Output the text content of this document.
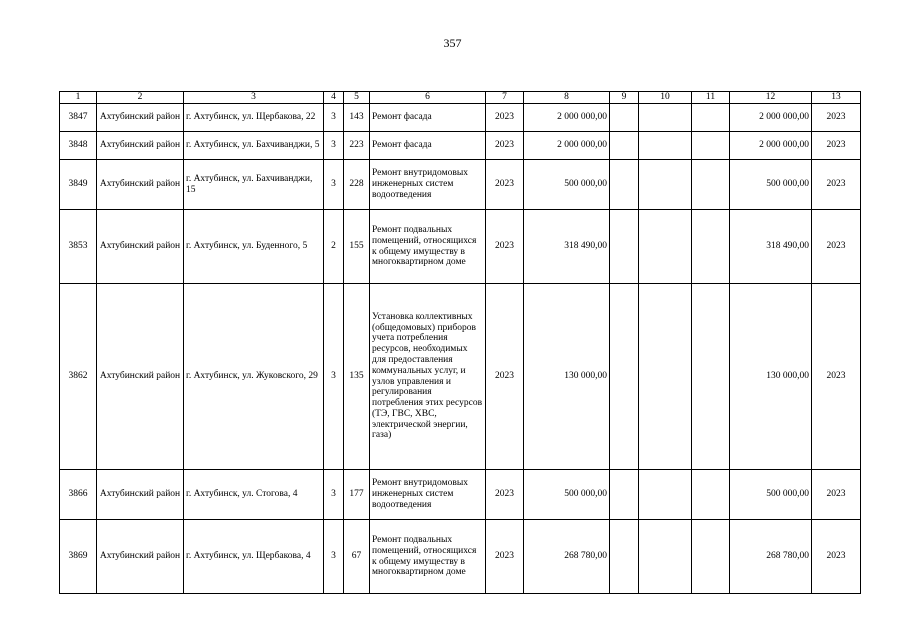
357
1	2	3	4	5	6	7	8	9	10	11	12	13
3847	Ахтубинский район	г. Ахтубинск, ул. Щербакова, 22	3	143	Ремонт фасада	2023	2 000 000,00				2 000 000,00	2023
3848	Ахтубинский район	г. Ахтубинск, ул. Бахчиванджи, 5	3	223	Ремонт фасада	2023	2 000 000,00				2 000 000,00	2023
3849	Ахтубинский район	г. Ахтубинск, ул. Бахчиванджи, 15	3	228	Ремонт внутридомовых инженерных систем водоотведения	2023	500 000,00				500 000,00	2023
3853	Ахтубинский район	г. Ахтубинск, ул. Буденного, 5	2	155	Ремонт подвальных помещений, относящихся к общему имуществу в многоквартирном доме	2023	318 490,00				318 490,00	2023
3862	Ахтубинский район	г. Ахтубинск, ул. Жуковского, 29	3	135	Установка коллективных (общедомовых) приборов учета потребления ресурсов, необходимых для предоставления коммунальных услуг, и узлов управления и регулирования потребления этих ресурсов (ТЭ, ГВС, ХВС, электрической энергии, газа)	2023	130 000,00				130 000,00	2023
3866	Ахтубинский район	г. Ахтубинск, ул. Стогова, 4	3	177	Ремонт внутридомовых инженерных систем водоотведения	2023	500 000,00				500 000,00	2023
3869	Ахтубинский район	г. Ахтубинск, ул. Щербакова, 4	3	67	Ремонт подвальных помещений, относящихся к общему имуществу в многоквартирном доме	2023	268 780,00				268 780,00	2023
